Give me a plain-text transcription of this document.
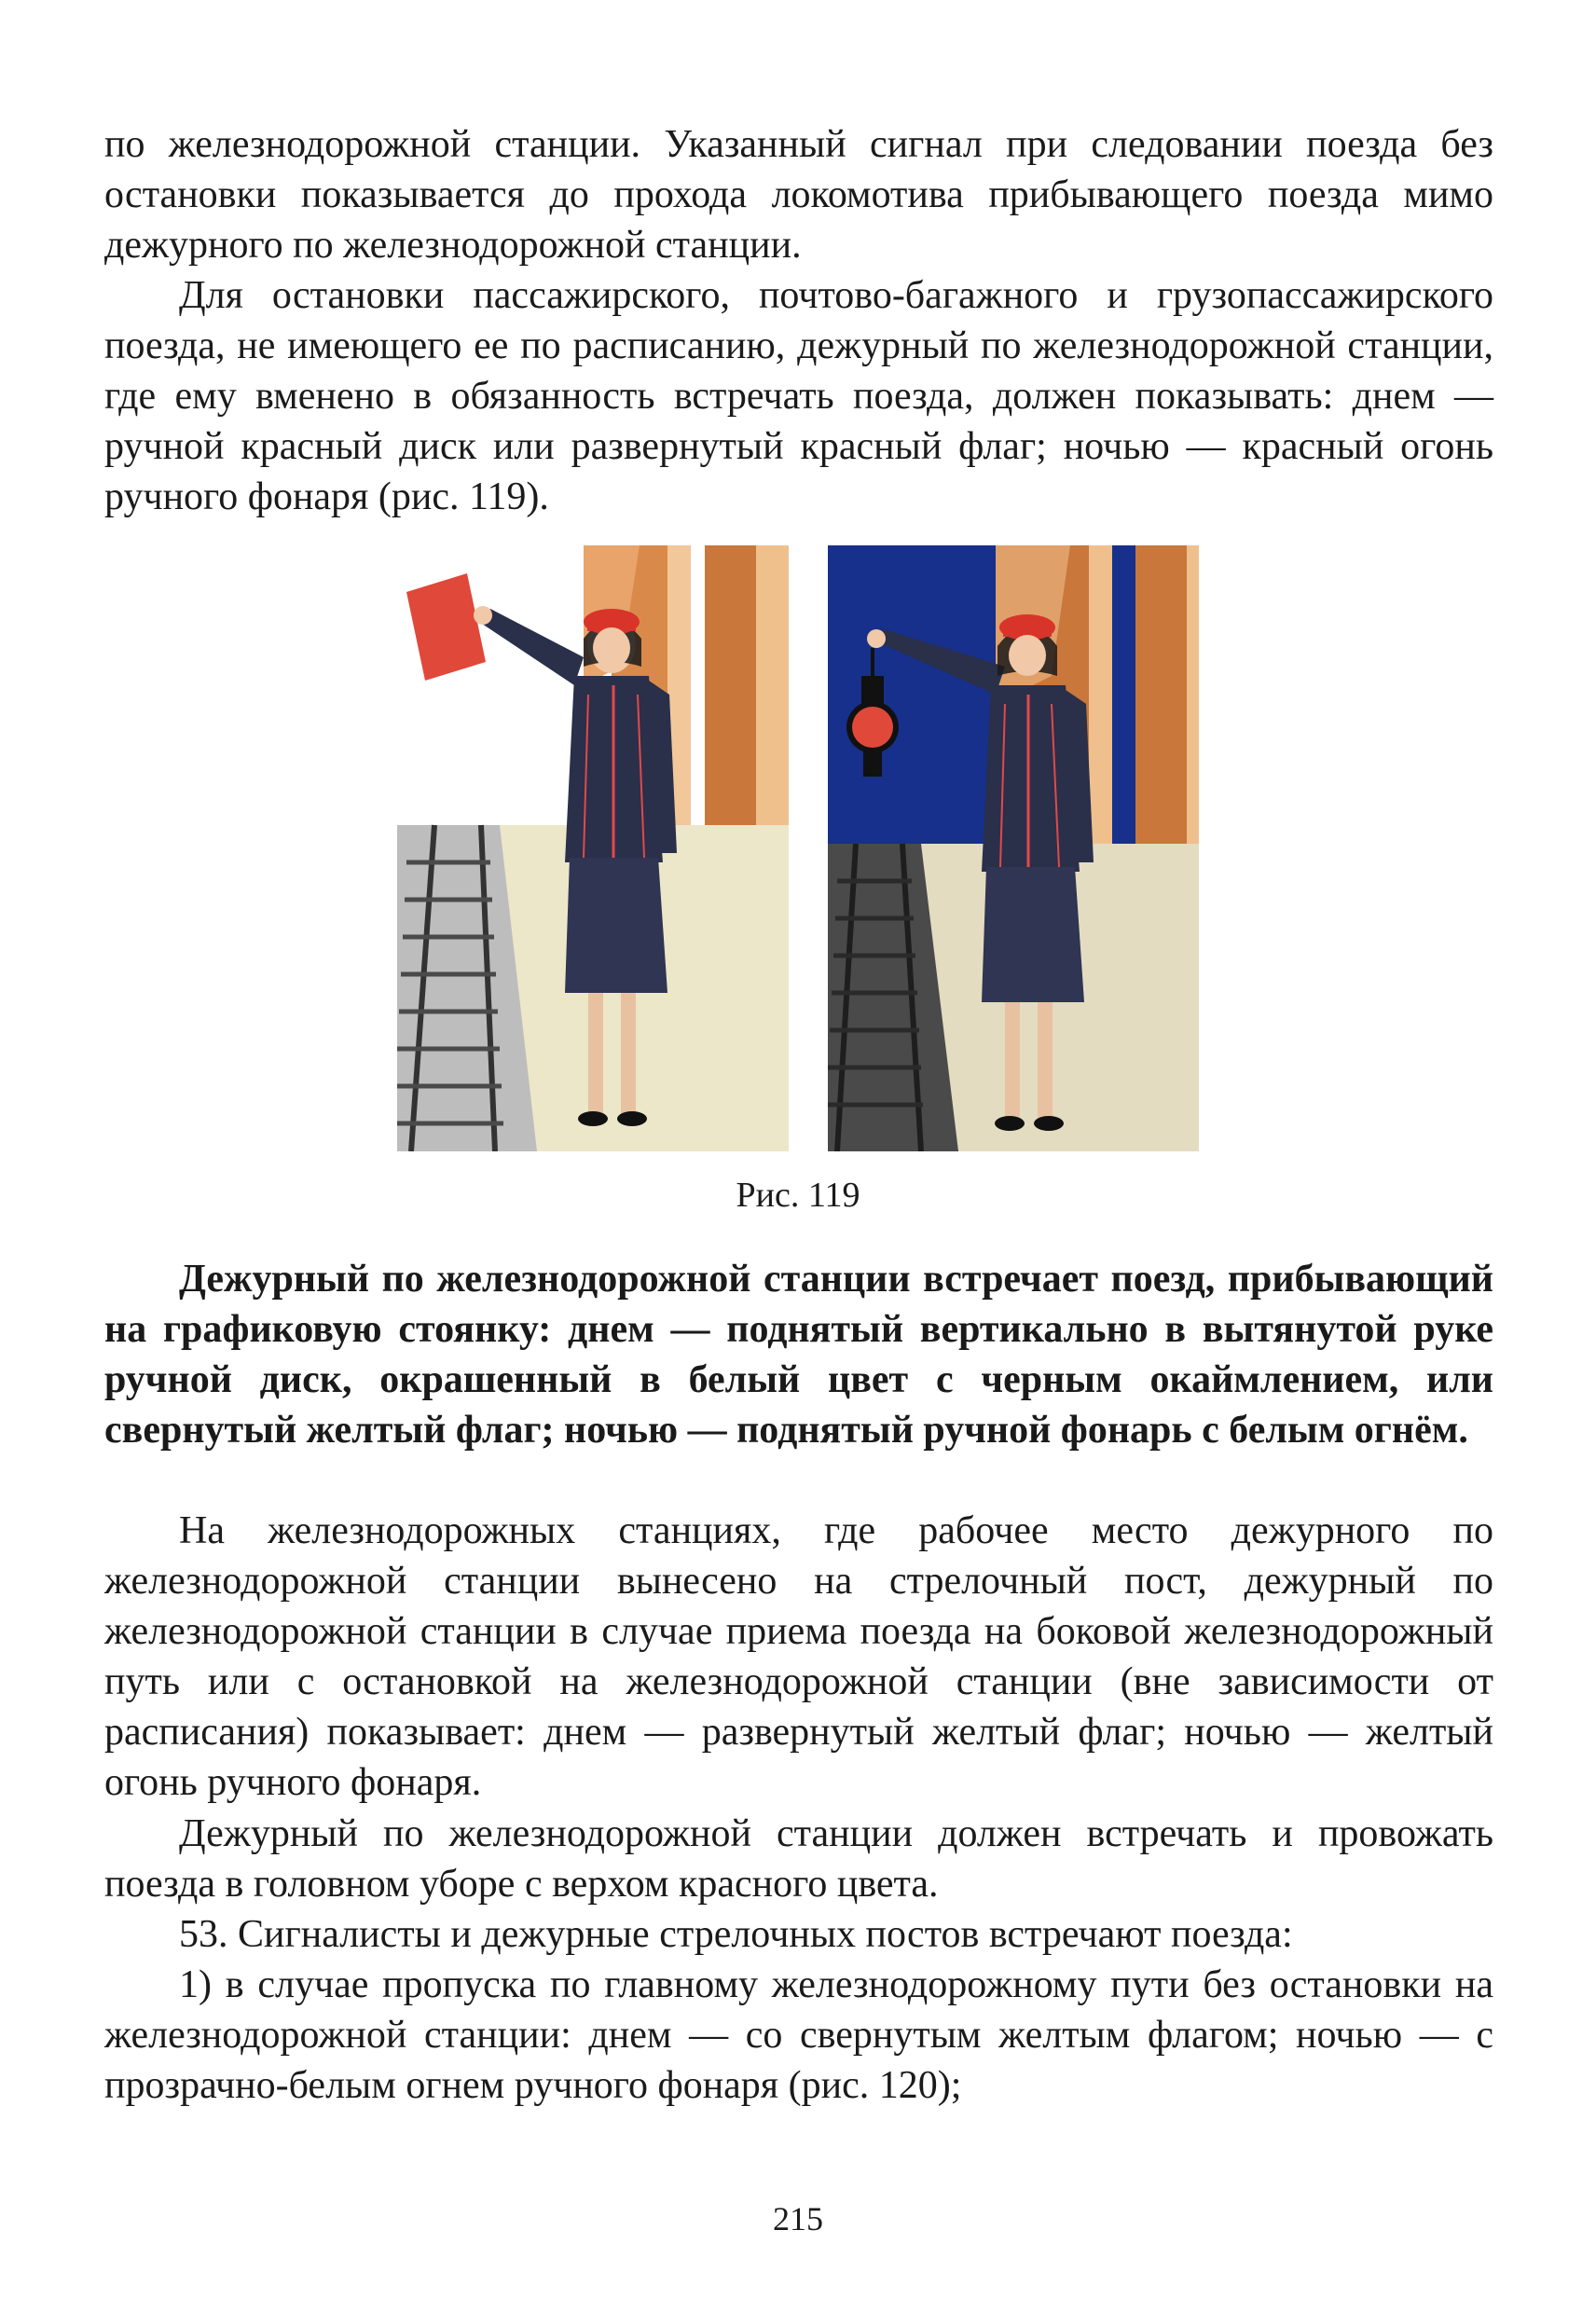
по железнодорожной станции. Указанный сигнал при следовании поезда без остановки показывается до прохода локомотива прибывающего поезда мимо дежурного по железнодорожной станции.

Для остановки пассажирского, почтово-багажного и грузопассажирского поезда, не имеющего ее по расписанию, дежурный по железнодорожной станции, где ему вменено в обязанность встречать поезда, должен показывать: днем — ручной красный диск или развернутый красный флаг; ночью — красный огонь ручного фонаря (рис. 119).

Рис. 119

Дежурный по железнодорожной станции встречает поезд, прибывающий на графиковую стоянку: днем — поднятый вертикально в вытянутой руке ручной диск, окрашенный в белый цвет с черным окаймлением, или свернутый желтый флаг; ночью — поднятый ручной фонарь с белым огнём.

На железнодорожных станциях, где рабочее место дежурного по железнодорожной станции вынесено на стрелочный пост, дежурный по железнодорожной станции в случае приема поезда на боковой железнодорожный путь или с остановкой на железнодорожной станции (вне зависимости от расписания) показывает: днем — развернутый желтый флаг; ночью — желтый огонь ручного фонаря.

Дежурный по железнодорожной станции должен встречать и провожать поезда в головном уборе с верхом красного цвета.

53. Сигналисты и дежурные стрелочных постов встречают поезда:

1) в случае пропуска по главному железнодорожному пути без остановки на железнодорожной станции: днем — со свернутым желтым флагом; ночью — с прозрачно-белым огнем ручного фонаря (рис. 120);

215
